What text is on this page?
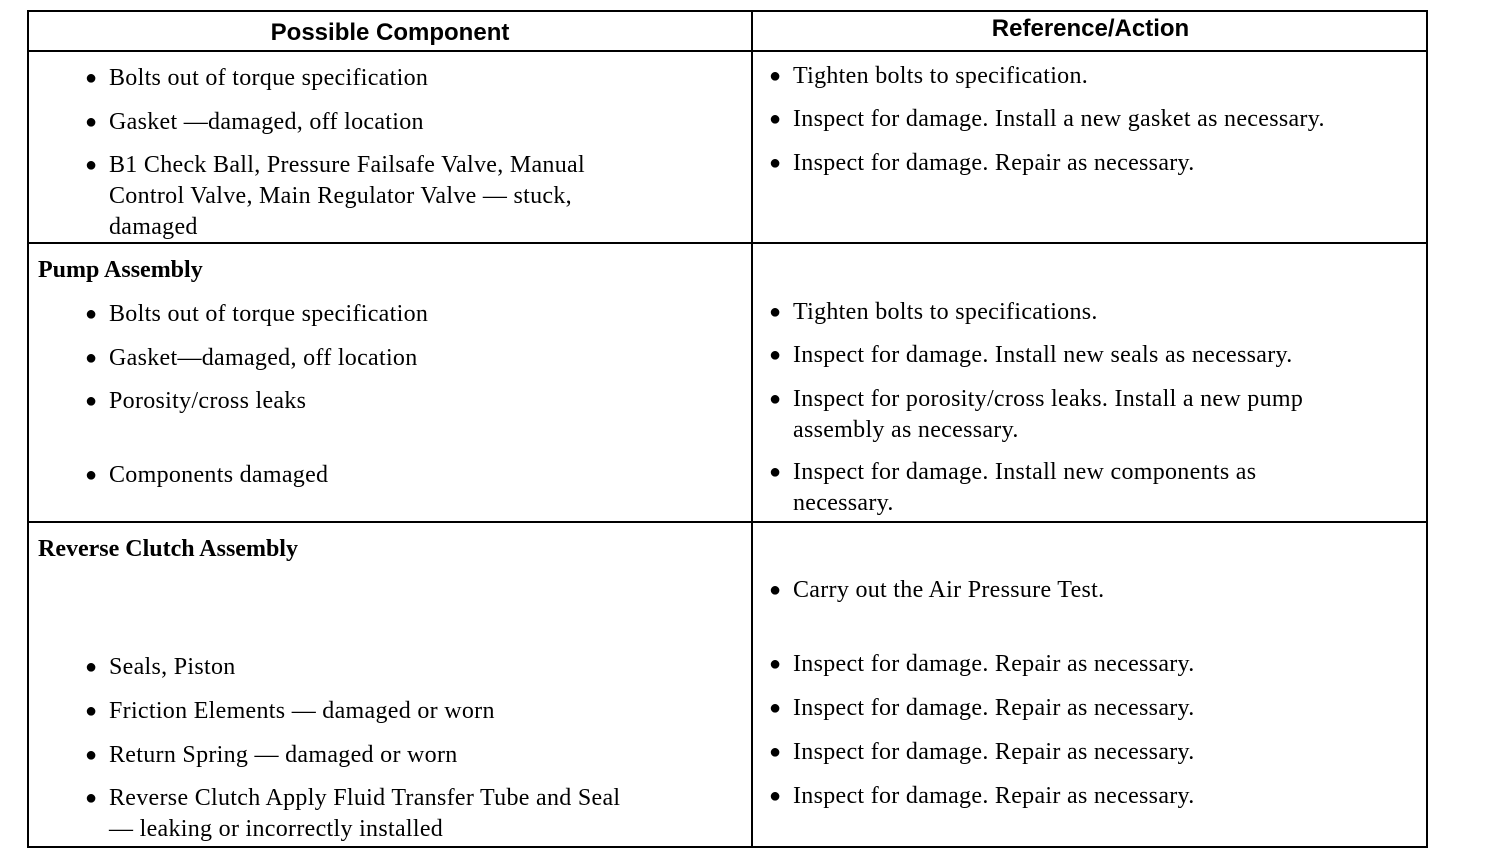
Possible Component	Reference/Action
● Bolts out of torque specification
● Gasket —damaged, off location
● B1 Check Ball, Pressure Failsafe Valve, Manual
Control Valve, Main Regulator Valve — stuck,
damaged
● Tighten bolts to specification.
● Inspect for damage. Install a new gasket as necessary.
● Inspect for damage. Repair as necessary.
Pump Assembly
● Bolts out of torque specification
● Gasket—damaged, off location
● Porosity/cross leaks
● Components damaged
● Tighten bolts to specifications.
● Inspect for damage. Install new seals as necessary.
● Inspect for porosity/cross leaks. Install a new pump
assembly as necessary.
● Inspect for damage. Install new components as
necessary.
Reverse Clutch Assembly
● Seals, Piston
● Friction Elements — damaged or worn
● Return Spring — damaged or worn
● Reverse Clutch Apply Fluid Transfer Tube and Seal
— leaking or incorrectly installed
● Carry out the Air Pressure Test.
● Inspect for damage. Repair as necessary.
● Inspect for damage. Repair as necessary.
● Inspect for damage. Repair as necessary.
● Inspect for damage. Repair as necessary.
